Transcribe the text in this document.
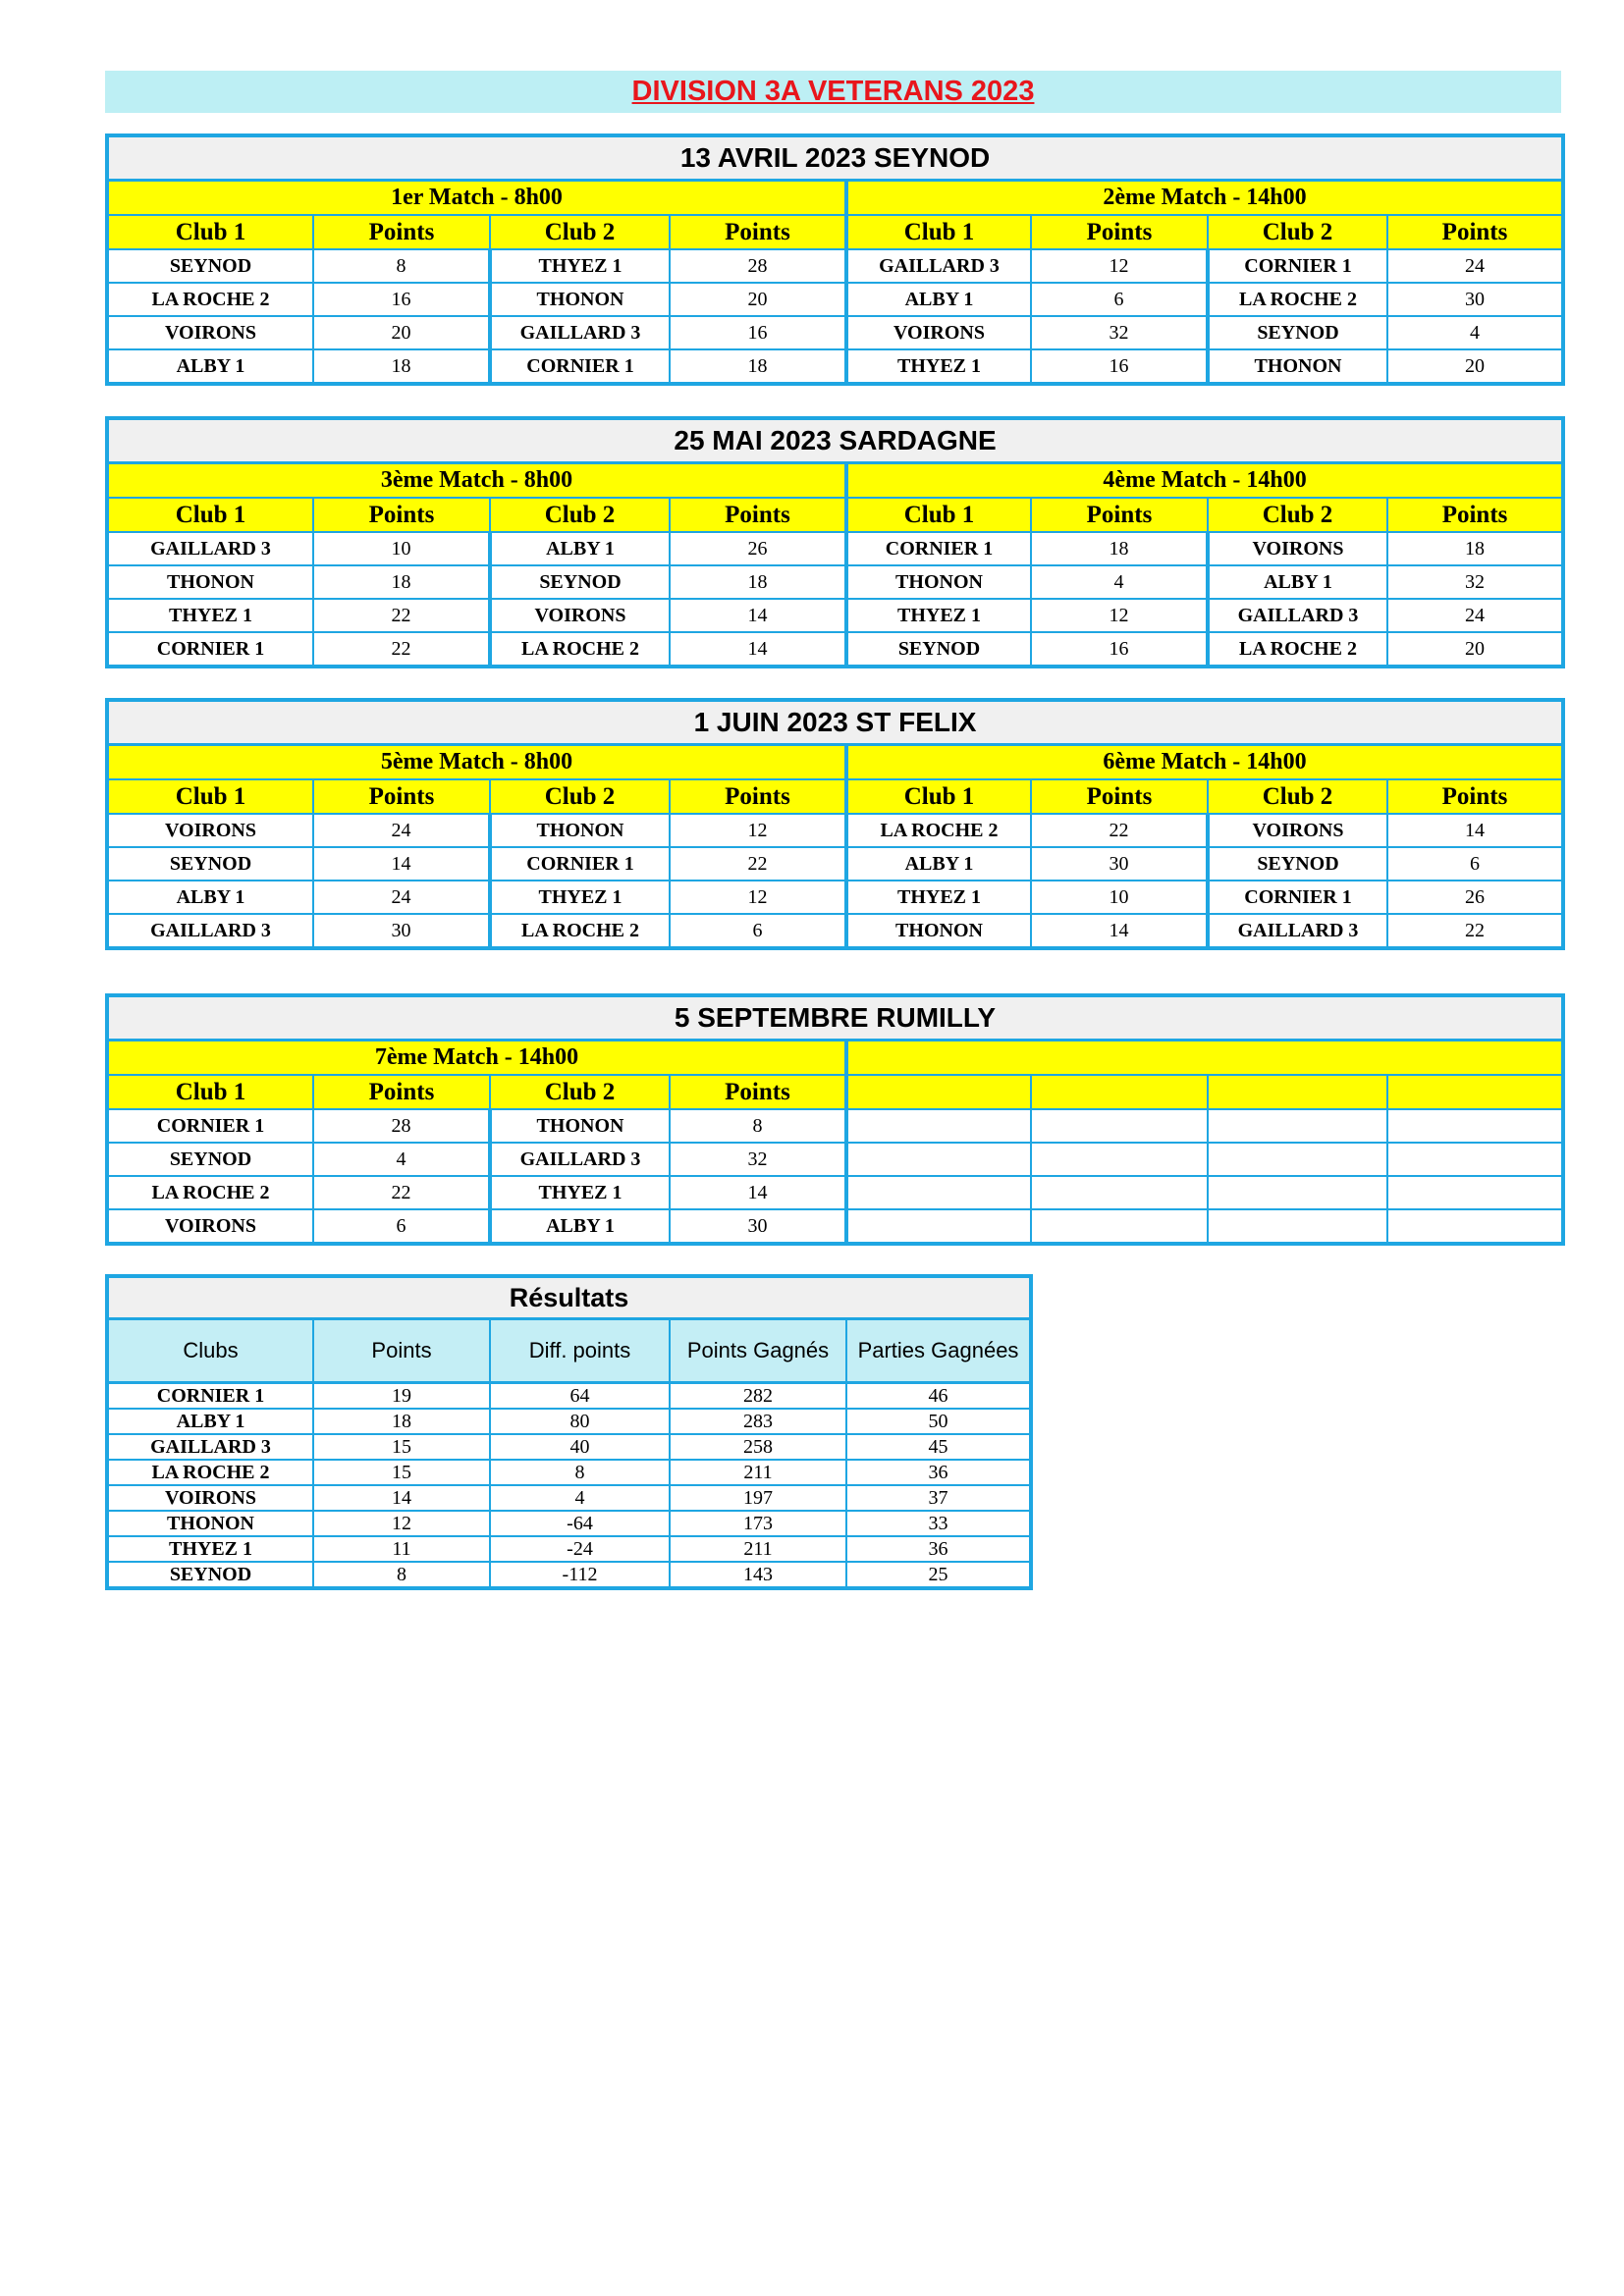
DIVISION 3A VETERANS 2023
13 AVRIL 2023 SEYNOD							
1er Match - 8h00				2ème Match - 14h00			
Club 1	Points	Club 2	Points	Club 1	Points	Club 2	Points
SEYNOD	8	THYEZ 1	28	GAILLARD 3	12	CORNIER 1	24
LA ROCHE 2	16	THONON	20	ALBY 1	6	LA ROCHE 2	30
VOIRONS	20	GAILLARD 3	16	VOIRONS	32	SEYNOD	4
ALBY 1	18	CORNIER 1	18	THYEZ 1	16	THONON	20
25 MAI 2023 SARDAGNE							
3ème Match - 8h00				4ème Match - 14h00			
Club 1	Points	Club 2	Points	Club 1	Points	Club 2	Points
GAILLARD 3	10	ALBY 1	26	CORNIER 1	18	VOIRONS	18
THONON	18	SEYNOD	18	THONON	4	ALBY 1	32
THYEZ 1	22	VOIRONS	14	THYEZ 1	12	GAILLARD 3	24
CORNIER 1	22	LA ROCHE 2	14	SEYNOD	16	LA ROCHE 2	20
1 JUIN 2023 ST FELIX							
5ème Match - 8h00				6ème Match - 14h00			
Club 1	Points	Club 2	Points	Club 1	Points	Club 2	Points
VOIRONS	24	THONON	12	LA ROCHE 2	22	VOIRONS	14
SEYNOD	14	CORNIER 1	22	ALBY 1	30	SEYNOD	6
ALBY 1	24	THYEZ 1	12	THYEZ 1	10	CORNIER 1	26
GAILLARD 3	30	LA ROCHE 2	6	THONON	14	GAILLARD 3	22
5 SEPTEMBRE RUMILLY							
7ème Match - 14h00							
Club 1	Points	Club 2	Points				
CORNIER 1	28	THONON	8				
SEYNOD	4	GAILLARD 3	32				
LA ROCHE 2	22	THYEZ 1	14				
VOIRONS	6	ALBY 1	30				
Résultats				
Clubs	Points	Diff. points	Points Gagnés	Parties Gagnées
CORNIER 1	19	64	282	46
ALBY 1	18	80	283	50
GAILLARD 3	15	40	258	45
LA ROCHE 2	15	8	211	36
VOIRONS	14	4	197	37
THONON	12	-64	173	33
THYEZ 1	11	-24	211	36
SEYNOD	8	-112	143	25
